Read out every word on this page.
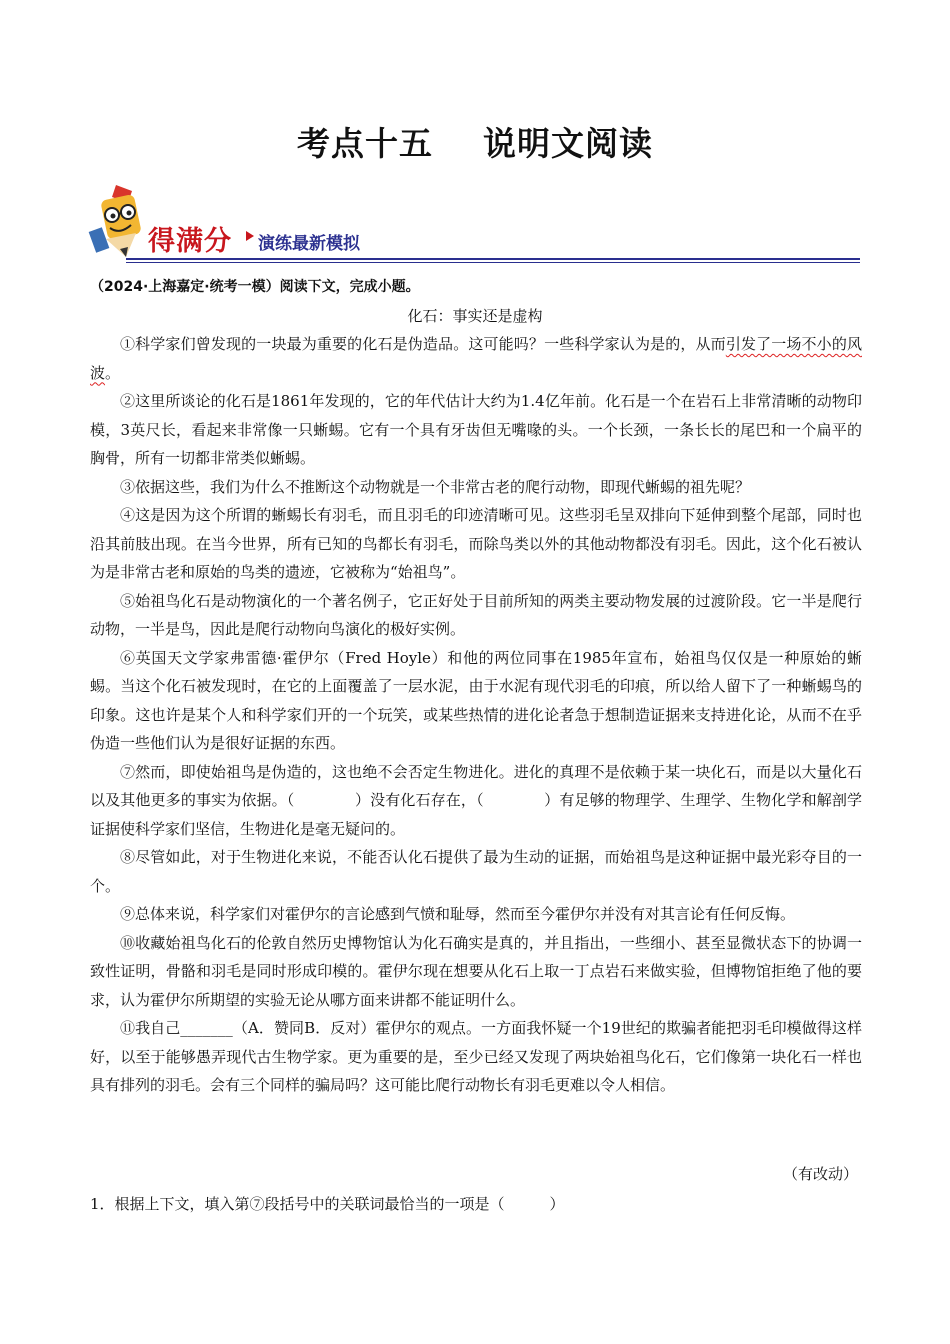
考点十五    说明文阅读
得满分 演练最新模拟
（2024·上海嘉定·统考一模）阅读下文，完成小题。
化石：事实还是虚构

①科学家们曾发现的一块最为重要的化石是伪造品。这可能吗？一些科学家认为是的，从而引发了一场不小的风波。

②这里所谈论的化石是1861年发现的，它的年代估计大约为1.4亿年前。化石是一个在岩石上非常清晰的动物印模，3英尺长，看起来非常像一只蜥蜴。它有一个具有牙齿但无嘴喙的头。一个长颈，一条长长的尾巴和一个扁平的胸骨，所有一切都非常类似蜥蜴。

③依据这些，我们为什么不推断这个动物就是一个非常古老的爬行动物，即现代蜥蜴的祖先呢？

④这是因为这个所谓的蜥蜴长有羽毛，而且羽毛的印迹清晰可见。这些羽毛呈双排向下延伸到整个尾部，同时也沿其前肢出现。在当今世界，所有已知的鸟都长有羽毛，而除鸟类以外的其他动物都没有羽毛。因此，这个化石被认为是非常古老和原始的鸟类的遗迹，它被称为“始祖鸟”。

⑤始祖鸟化石是动物演化的一个著名例子，它正好处于目前所知的两类主要动物发展的过渡阶段。它一半是爬行动物，一半是鸟，因此是爬行动物向鸟演化的极好实例。

⑥英国天文学家弗雷德·霍伊尔（Fred Hoyle）和他的两位同事在1985年宣布，始祖鸟仅仅是一种原始的蜥蜴。当这个化石被发现时，在它的上面覆盖了一层水泥，由于水泥有现代羽毛的印痕，所以给人留下了一种蜥蜴鸟的印象。这也许是某个人和科学家们开的一个玩笑，或某些热情的进化论者急于想制造证据来支持进化论，从而不在乎伪造一些他们认为是很好证据的东西。

⑦然而，即使始祖鸟是伪造的，这也绝不会否定生物进化。进化的真理不是依赖于某一块化石，而是以大量化石以及其他更多的事实为依据。（　　　　）没有化石存在，（　　　　）有足够的物理学、生理学、生物化学和解剖学证据使科学家们坚信，生物进化是毫无疑问的。

⑧尽管如此，对于生物进化来说，不能否认化石提供了最为生动的证据，而始祖鸟是这种证据中最光彩夺目的一个。

⑨总体来说，科学家们对霍伊尔的言论感到气愤和耻辱，然而至今霍伊尔并没有对其言论有任何反悔。

⑩收藏始祖鸟化石的伦敦自然历史博物馆认为化石确实是真的，并且指出，一些细小、甚至显微状态下的协调一致性证明，骨骼和羽毛是同时形成印模的。霍伊尔现在想要从化石上取一丁点岩石来做实验，但博物馆拒绝了他的要求，认为霍伊尔所期望的实验无论从哪方面来讲都不能证明什么。

⑪我自己_______（A．赞同B．反对）霍伊尔的观点。一方面我怀疑一个19世纪的欺骗者能把羽毛印模做得这样好，以至于能够愚弄现代古生物学家。更为重要的是，至少已经又发现了两块始祖鸟化石，它们像第一块化石一样也具有排列的羽毛。会有三个同样的骗局吗？这可能比爬行动物长有羽毛更难以令人相信。

（有改动）
1．根据上下文，填入第⑦段括号中的关联词最恰当的一项是（　　　）
